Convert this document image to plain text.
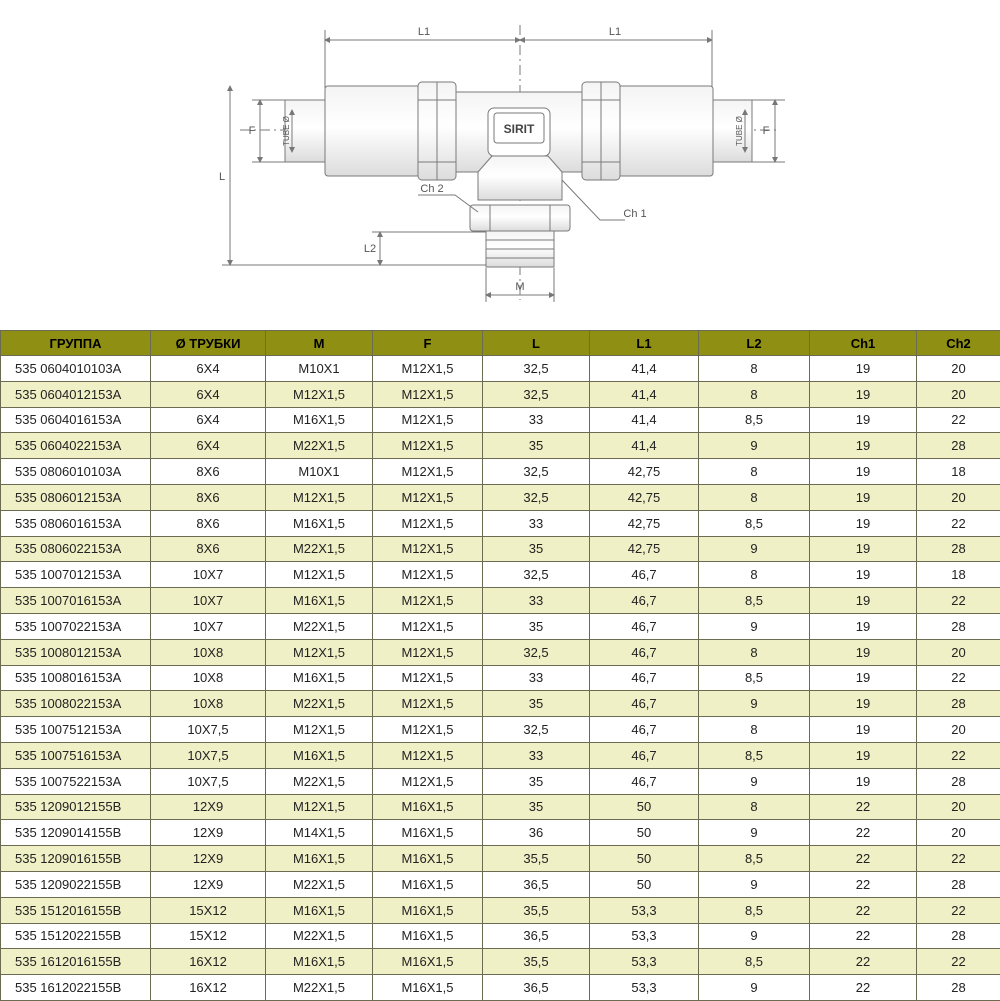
SIRIT
L1	L1
L
L2
M
F	F
TUBE Ø	TUBE Ø
Ch 2
Ch 1
ГРУППА	Ø ТРУБКИ	M	F	L	L1	L2	Ch1	Ch2
535 0604010103A	6X4	M10X1	M12X1,5	32,5	41,4	8	19	20
535 0604012153A	6X4	M12X1,5	M12X1,5	32,5	41,4	8	19	20
535 0604016153A	6X4	M16X1,5	M12X1,5	33	41,4	8,5	19	22
535 0604022153A	6X4	M22X1,5	M12X1,5	35	41,4	9	19	28
535 0806010103A	8X6	M10X1	M12X1,5	32,5	42,75	8	19	18
535 0806012153A	8X6	M12X1,5	M12X1,5	32,5	42,75	8	19	20
535 0806016153A	8X6	M16X1,5	M12X1,5	33	42,75	8,5	19	22
535 0806022153A	8X6	M22X1,5	M12X1,5	35	42,75	9	19	28
535 1007012153A	10X7	M12X1,5	M12X1,5	32,5	46,7	8	19	18
535 1007016153A	10X7	M16X1,5	M12X1,5	33	46,7	8,5	19	22
535 1007022153A	10X7	M22X1,5	M12X1,5	35	46,7	9	19	28
535 1008012153A	10X8	M12X1,5	M12X1,5	32,5	46,7	8	19	20
535 1008016153A	10X8	M16X1,5	M12X1,5	33	46,7	8,5	19	22
535 1008022153A	10X8	M22X1,5	M12X1,5	35	46,7	9	19	28
535 1007512153A	10X7,5	M12X1,5	M12X1,5	32,5	46,7	8	19	20
535 1007516153A	10X7,5	M16X1,5	M12X1,5	33	46,7	8,5	19	22
535 1007522153A	10X7,5	M22X1,5	M12X1,5	35	46,7	9	19	28
535 1209012155B	12X9	M12X1,5	M16X1,5	35	50	8	22	20
535 1209014155B	12X9	M14X1,5	M16X1,5	36	50	9	22	20
535 1209016155B	12X9	M16X1,5	M16X1,5	35,5	50	8,5	22	22
535 1209022155B	12X9	M22X1,5	M16X1,5	36,5	50	9	22	28
535 1512016155B	15X12	M16X1,5	M16X1,5	35,5	53,3	8,5	22	22
535 1512022155B	15X12	M22X1,5	M16X1,5	36,5	53,3	9	22	28
535 1612016155B	16X12	M16X1,5	M16X1,5	35,5	53,3	8,5	22	22
535 1612022155B	16X12	M22X1,5	M16X1,5	36,5	53,3	9	22	28
